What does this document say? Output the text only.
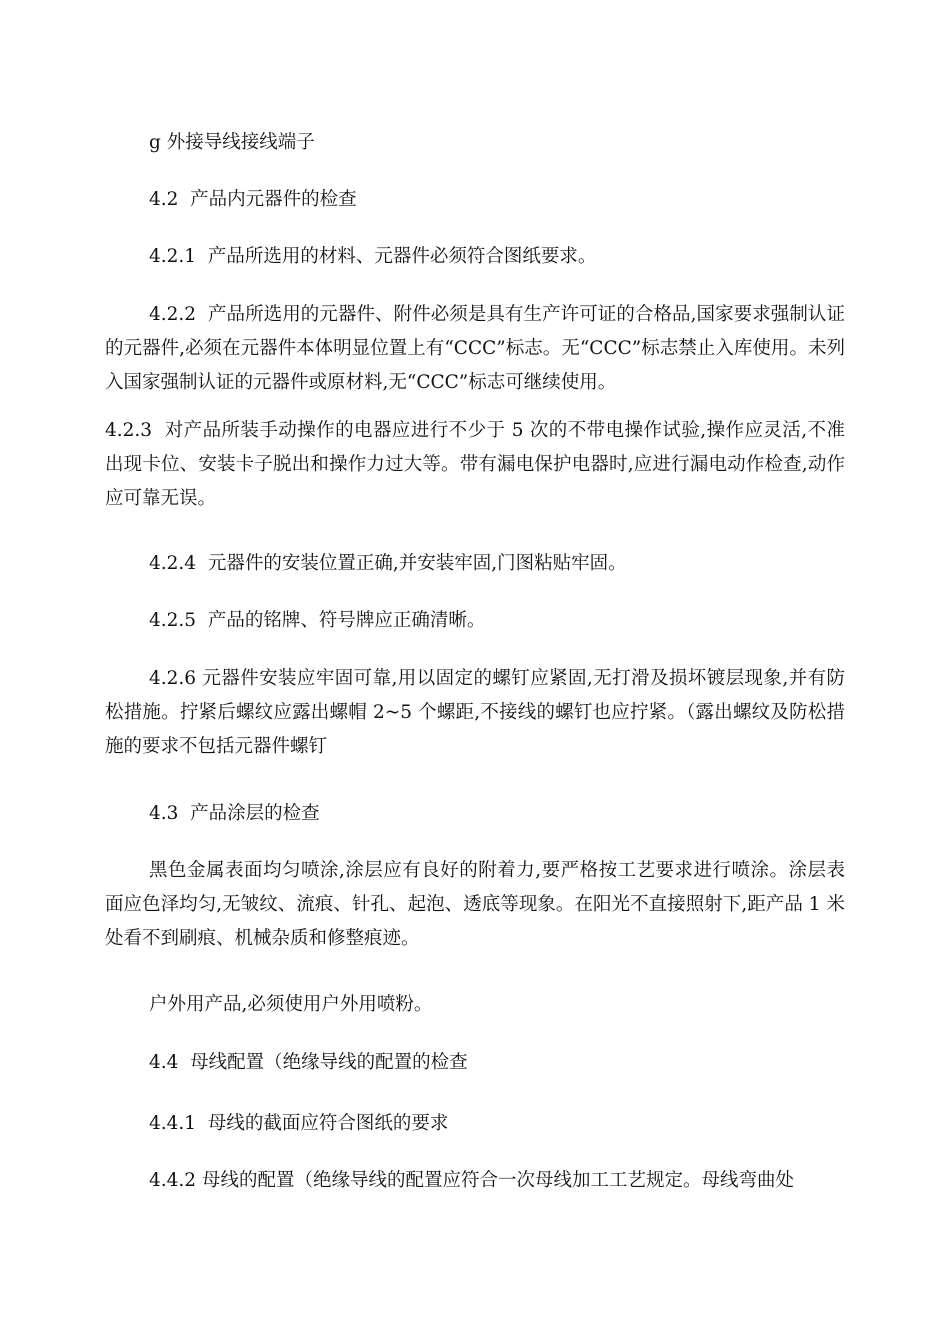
g 外接导线接线端子

4.2  产品内元器件的检查

4.2.1  产品所选用的材料、元器件必须符合图纸要求。

4.2.2  产品所选用的元器件、附件必须是具有生产许可证的合格品,国家要求强制认证的元器件,必须在元器件本体明显位置上有“CCC”标志。无“CCC”标志禁止入库使用。未列入国家强制认证的元器件或原材料,无“CCC”标志可继续使用。

4.2.3  对产品所装手动操作的电器应进行不少于 5 次的不带电操作试验,操作应灵活,不准出现卡位、安装卡子脱出和操作力过大等。带有漏电保护电器时,应进行漏电动作检查,动作应可靠无误。

4.2.4  元器件的安装位置正确,并安装牢固,门图粘贴牢固。

4.2.5  产品的铭牌、符号牌应正确清晰。

4.2.6 元器件安装应牢固可靠,用以固定的螺钉应紧固,无打滑及损坏镀层现象,并有防松措施。拧紧后螺纹应露出螺帽 2~5 个螺距,不接线的螺钉也应拧紧。（露出螺纹及防松措施的要求不包括元器件螺钉

4.3  产品涂层的检查

黑色金属表面均匀喷涂,涂层应有良好的附着力,要严格按工艺要求进行喷涂。涂层表面应色泽均匀,无皱纹、流痕、针孔、起泡、透底等现象。在阳光不直接照射下,距产品 1 米处看不到刷痕、机械杂质和修整痕迹。

户外用产品,必须使用户外用喷粉。

4.4  母线配置（绝缘导线的配置的检查

4.4.1  母线的截面应符合图纸的要求

4.4.2 母线的配置（绝缘导线的配置应符合一次母线加工工艺规定。母线弯曲处
